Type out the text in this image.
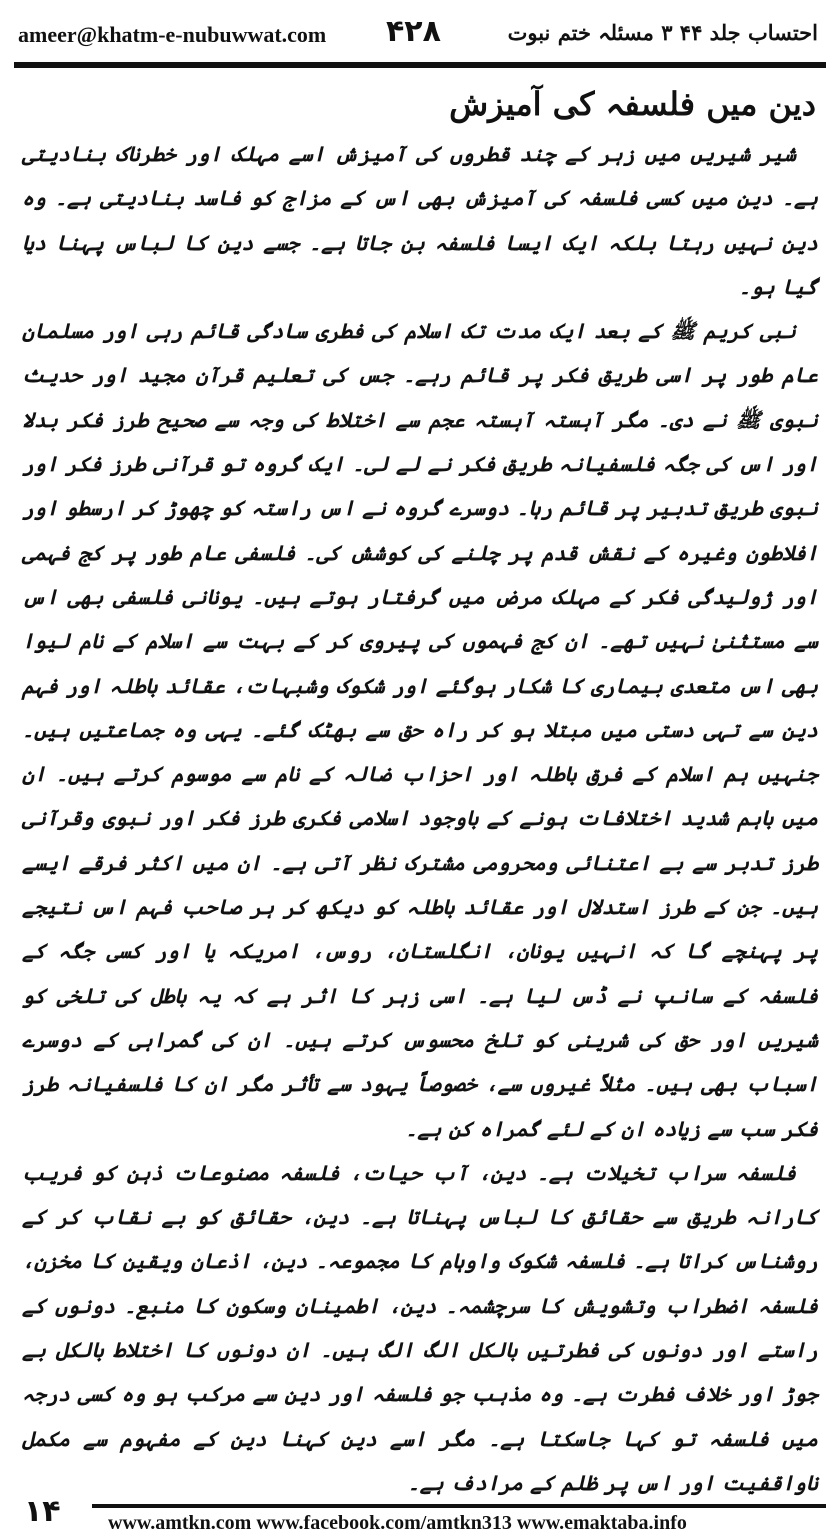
ameer@khatm-e-nubuwwat.com ۴۲۸	احتساب جلد ۴۴ ۳ مسئلہ ختم نبوت
دین میں فلسفہ کی آمیزش

شیر شیریں میں زہر کے چند قطروں کی آمیزش اسے مہلک اور خطرناک بنادیتی ہے۔ دین میں کسی فلسفہ کی آمیزش بھی اس کے مزاج کو فاسد بنادیتی ہے۔ وہ دین نہیں رہتا بلکہ ایک ایسا فلسفہ بن جاتا ہے۔ جسے دین کا لباس پہنا دیا گیا ہو۔

نبی کریم ﷺ کے بعد ایک مدت تک اسلام کی فطری سادگی قائم رہی اور مسلمان عام طور پر اسی طریق فکر پر قائم رہے۔ جس کی تعلیم قرآن مجید اور حدیث نبوی ﷺ نے دی۔ مگر آہستہ آہستہ عجم سے اختلاط کی وجہ سے صحیح طرز فکر بدلا اور اس کی جگہ فلسفیانہ طریق فکر نے لے لی۔ ایک گروہ تو قرآنی طرز فکر اور نبوی طریق تدبیر پر قائم رہا۔ دوسرے گروہ نے اس راستہ کو چھوڑ کر ارسطو اور افلاطون وغیرہ کے نقش قدم پر چلنے کی کوشش کی۔ فلسفی عام طور پر کج فہمی اور ژولیدگی فکر کے مہلک مرض میں گرفتار ہوتے ہیں۔ یونانی فلسفی بھی اس سے مستثنیٰ نہیں تھے۔ ان کج فہموں کی پیروی کر کے بہت سے اسلام کے نام لیوا بھی اس متعدی بیماری کا شکار ہوگئے اور شکوک وشبہات، عقائد باطلہ اور فہم دین سے تہی دستی میں مبتلا ہو کر راہ حق سے بھٹک گئے۔ یہی وہ جماعتیں ہیں۔ جنہیں ہم اسلام کے فرق باطلہ اور احزاب ضالہ کے نام سے موسوم کرتے ہیں۔ ان میں باہم شدید اختلافات ہونے کے باوجود اسلامی فکری طرز فکر اور نبوی وقرآنی طرز تدبر سے بے اعتنائی ومحرومی مشترک نظر آتی ہے۔ ان میں اکثر فرقے ایسے ہیں۔ جن کے طرز استدلال اور عقائد باطلہ کو دیکھ کر ہر صاحب فہم اس نتیجے پر پہنچے گا کہ انہیں یونان، انگلستان، روس، امریکہ یا اور کسی جگہ کے فلسفہ کے سانپ نے ڈس لیا ہے۔ اسی زہر کا اثر ہے کہ یہ باطل کی تلخی کو شیریں اور حق کی شرینی کو تلخ محسوس کرتے ہیں۔ ان کی گمراہی کے دوسرے اسباب بھی ہیں۔ مثلاً غیروں سے، خصوصاً یہود سے تأثر مگر ان کا فلسفیانہ طرز فکر سب سے زیادہ ان کے لئے گمراہ کن ہے۔

فلسفہ سراب تخیلات ہے۔ دین، آب حیات، فلسفہ مصنوعات ذہن کو فریب کارانہ طریق سے حقائق کا لباس پہناتا ہے۔ دین، حقائق کو بے نقاب کر کے روشناس کراتا ہے۔ فلسفہ شکوک واوہام کا مجموعہ۔ دین، اذعان ویقین کا مخزن، فلسفہ اضطراب وتشویش کا سرچشمہ۔ دین، اطمینان وسکون کا منبع۔ دونوں کے راستے اور دونوں کی فطرتیں بالکل الگ الگ ہیں۔ ان دونوں کا اختلاط بالکل بے جوڑ اور خلاف فطرت ہے۔ وہ مذہب جو فلسفہ اور دین سے مرکب ہو وہ کسی درجہ میں فلسفہ تو کہا جاسکتا ہے۔ مگر اسے دین کہنا دین کے مفہوم سے مکمل ناواقفیت اور اس پر ظلم کے مرادف ہے۔

۱۴ www.amtkn.com www.facebook.com/amtkn313 www.emaktaba.info
